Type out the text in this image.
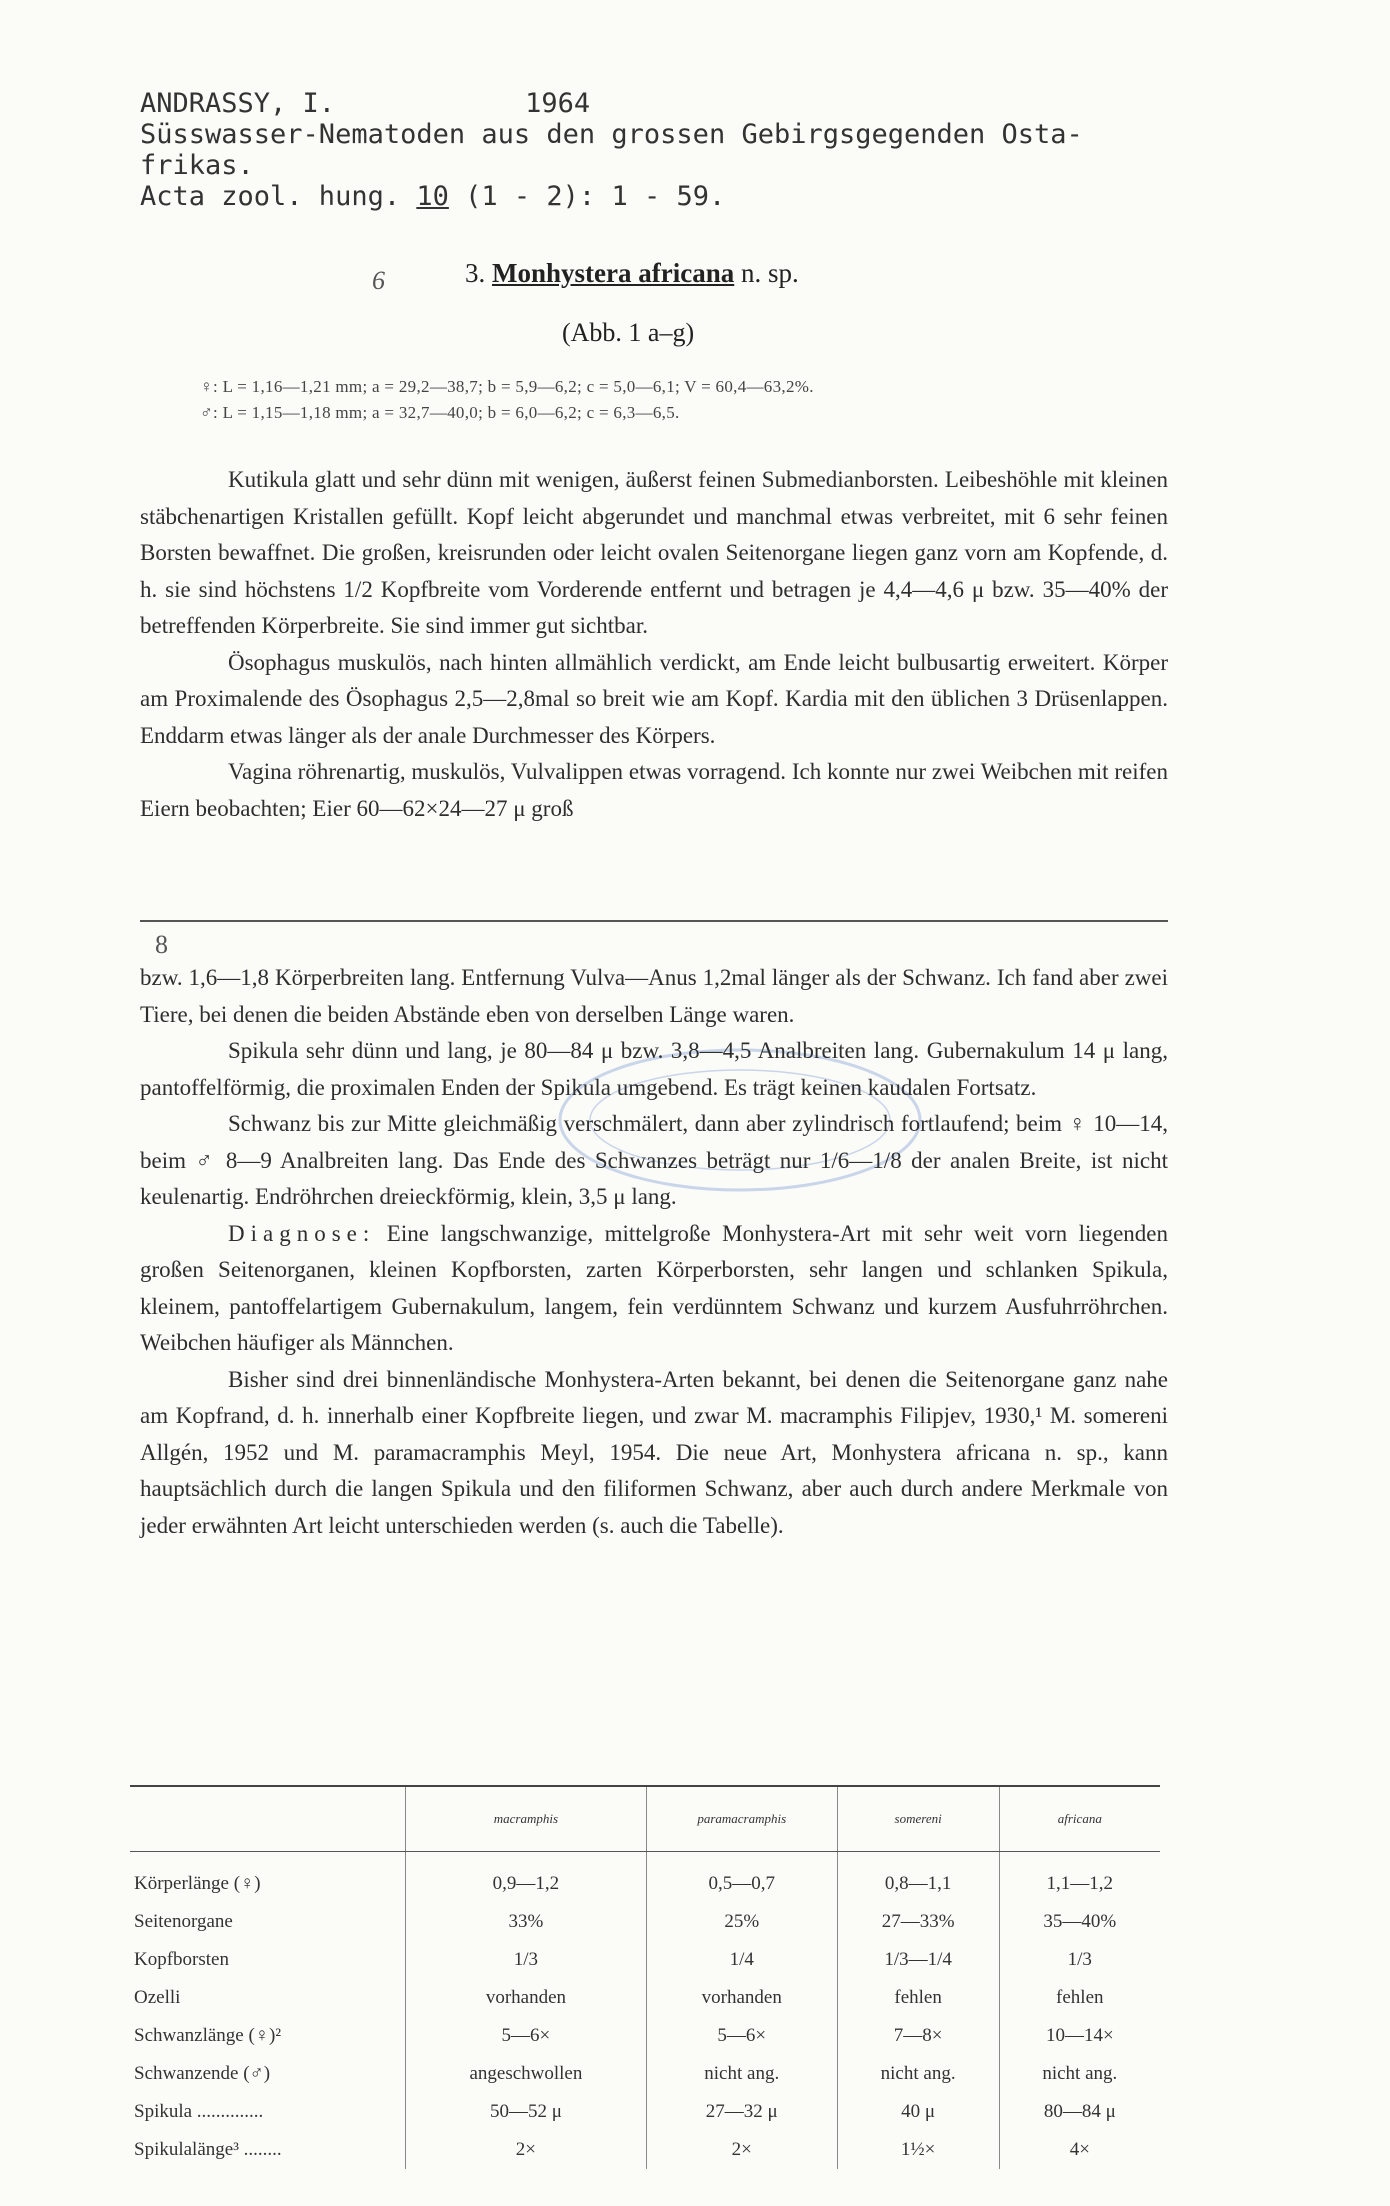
ANDRASSY, I.	1964
Süsswasser-Nematoden aus den grossen Gebirgsgegenden Osta-
frikas.
Acta zool. hung. 10 (1 - 2): 1 - 59.
6	3. Monhystera africana n. sp.
(Abb. 1 a–g)
♀: L = 1,16—1,21 mm; a = 29,2—38,7; b = 5,9—6,2; c = 5,0—6,1; V = 60,4—63,2%.
♂: L = 1,15—1,18 mm; a = 32,7—40,0; b = 6,0—6,2; c = 6,3—6,5.

Kutikula glatt und sehr dünn mit wenigen, äußerst feinen Submedianborsten. Leibeshöhle mit kleinen stäbchenartigen Kristallen gefüllt. Kopf leicht abgerundet und manchmal etwas verbreitet, mit 6 sehr feinen Borsten bewaffnet. Die großen, kreisrunden oder leicht ovalen Seitenorgane liegen ganz vorn am Kopfende, d. h. sie sind höchstens 1/2 Kopfbreite vom Vorderende entfernt und betragen je 4,4—4,6 μ bzw. 35—40% der betreffenden Körperbreite. Sie sind immer gut sichtbar.

Ösophagus muskulös, nach hinten allmählich verdickt, am Ende leicht bulbusartig erweitert. Körper am Proximalende des Ösophagus 2,5—2,8mal so breit wie am Kopf. Kardia mit den üblichen 3 Drüsenlappen. Enddarm etwas länger als der anale Durchmesser des Körpers.

Vagina röhrenartig, muskulös, Vulvalippen etwas vorragend. Ich konnte nur zwei Weibchen mit reifen Eiern beobachten; Eier 60—62×24—27 μ groß

8

bzw. 1,6—1,8 Körperbreiten lang. Entfernung Vulva—Anus 1,2mal länger als der Schwanz. Ich fand aber zwei Tiere, bei denen die beiden Abstände eben von derselben Länge waren.

Spikula sehr dünn und lang, je 80—84 μ bzw. 3,8—4,5 Analbreiten lang. Gubernakulum 14 μ lang, pantoffelförmig, die proximalen Enden der Spikula umgebend. Es trägt keinen kaudalen Fortsatz.

Schwanz bis zur Mitte gleichmäßig verschmälert, dann aber zylindrisch fortlaufend; beim ♀ 10—14, beim ♂ 8—9 Analbreiten lang. Das Ende des Schwanzes beträgt nur 1/6—1/8 der analen Breite, ist nicht keulenartig. Endröhrchen dreieckförmig, klein, 3,5 μ lang.

Diagnose: Eine langschwanzige, mittelgroße Monhystera-Art mit sehr weit vorn liegenden großen Seitenorganen, kleinen Kopfborsten, zarten Körperborsten, sehr langen und schlanken Spikula, kleinem, pantoffelartigem Gubernakulum, langem, fein verdünntem Schwanz und kurzem Ausfuhrröhrchen. Weibchen häufiger als Männchen.

Bisher sind drei binnenländische Monhystera-Arten bekannt, bei denen die Seitenorgane ganz nahe am Kopfrand, d. h. innerhalb einer Kopfbreite liegen, und zwar M. macramphis Filipjev, 1930,¹ M. somereni Allgén, 1952 und M. paramacramphis Meyl, 1954. Die neue Art, Monhystera africana n. sp., kann hauptsächlich durch die langen Spikula und den filiformen Schwanz, aber auch durch andere Merkmale von jeder erwähnten Art leicht unterschieden werden (s. auch die Tabelle).

	macramphis	paramacramphis	somereni	africana
Körperlänge (♀)	0,9—1,2	0,5—0,7	0,8—1,1	1,1—1,2
Seitenorgane	33%	25%	27—33%	35—40%
Kopfborsten	1/3	1/4	1/3—1/4	1/3
Ozelli	vorhanden	vorhanden	fehlen	fehlen
Schwanzlänge (♀)²	5—6×	5—6×	7—8×	10—14×
Schwanzende (♂)	angeschwollen	nicht ang.	nicht ang.	nicht ang.
Spikula ..............	50—52 μ	27—32 μ	40 μ	80—84 μ
Spikulalänge³ ........	2×	2×	1½×	4×
